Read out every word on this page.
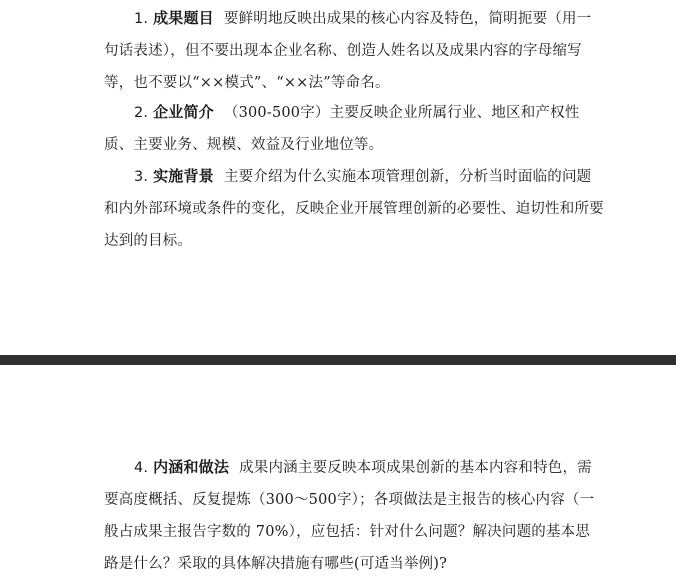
1. 成果题目 要鲜明地反映出成果的核心内容及特色，简明扼要（用一句话表述），但不要出现本企业名称、创造人姓名以及成果内容的字母缩写等，也不要以“××模式”、“××法”等命名。

2. 企业简介 （300-500字）主要反映企业所属行业、地区和产权性质、主要业务、规模、效益及行业地位等。

3. 实施背景 主要介绍为什么实施本项管理创新，分析当时面临的问题和内外部环境或条件的变化，反映企业开展管理创新的必要性、迫切性和所要达到的目标。

4. 内涵和做法 成果内涵主要反映本项成果创新的基本内容和特色，需要高度概括、反复提炼（300～500字）；各项做法是主报告的核心内容（一般占成果主报告字数的 70%），应包括：针对什么问题？解决问题的基本思路是什么？采取的具体解决措施有哪些(可适当举例)?
